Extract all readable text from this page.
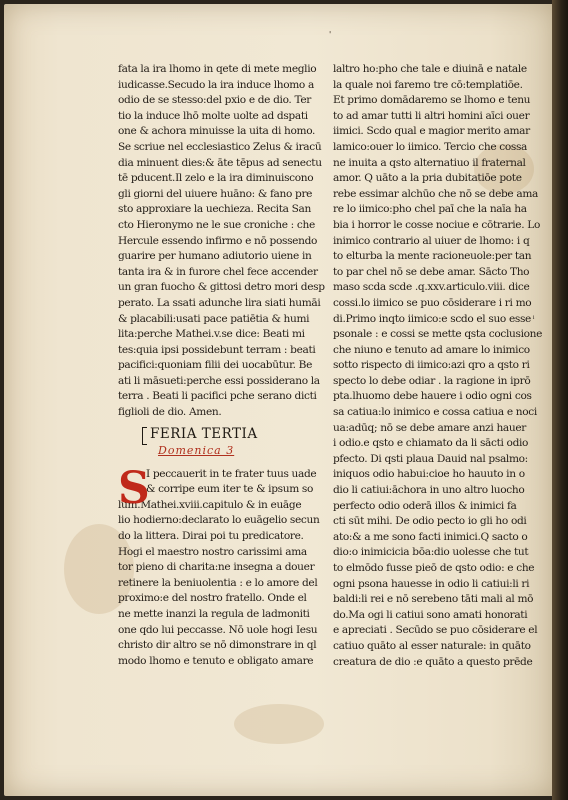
'
fata la ira lhomo in qete di mete meglio
iudicasse.Secudo la ira induce lhomo a
odio de se stesso:del pxio e de dio. Ter
tio la induce lhō molte uolte ad dspati
one & achora minuisse la uita di homo.
Se scriue nel ecclesiastico Zelus & iracū
dia minuent dies:& āte tēpus ad senectu
tē pducent.Il zelo e la ira diminuiscono
gli giorni del uiuere huāno: & fano pre
sto approxiare la uechieza. Recita San
cto Hieronymo ne le sue croniche : che
Hercule essendo infirmo e nō possendo
guarire per humano adiutorio uiene in
tanta ira & in furore chel fece accender
un gran fuocho & gittosi detro mori desp
perato. La ssati adunche lira siati humāi
& placabili:usati pace patiētia & humi
lita:perche Mathei.v.se dice: Beati mi
tes:quia ipsi possidebunt terram : beati
pacifici:quoniam filii dei uocabūtur. Be
ati li māsueti:perche essi possiderano la
terra . Beati li pacifici pche serano dicti
figlioli de dio. Amen.
FERIA TERTIA
Domenica 3
S
I peccauerit in te frater tuus uade
& corripe eum iter te & ipsum so
lum.Mathei.xviii.capitulo & in euāge
lio hodierno:declarato lo euāgelio secun
do la littera. Dirai poi tu predicatore.
Hogi el maestro nostro carissimi ama
tor pieno di charita:ne insegna a douer
retinere la beniuolentia : e lo amore del
proximo:e del nostro fratello. Onde el
ne mette inanzi la regula de ladmoniti
one qdo lui peccasse. Nō uole hogi Iesu
christo dir altro se nō dimonstrare in ql
modo lhomo e tenuto e obligato amare
laltro ho:pho che tale e diuinā e natale
la quale noi faremo tre cō:templatiōe.
Et primo domādaremo se lhomo e tenu
to ad amar tutti li altri homini aīci ouer
iimici. Scdo qual e magior merito amar
lamico:ouer lo iimico. Tercio che cossa
ne inuita a qsto alternatiuo il fraternal
amor. Q uāto a la pria dubitatiōe pote
rebe essimar alchūo che nō se debe ama
re lo iimico:pho chel paī che la naīa ha
bia i horror le cosse nociue e cōtrarie. Lo
inimico contrario al uiuer de lhomo: i q
to elturba la mente racioneuole:per tan
to par chel nō se debe amar. Sācto Tho
maso scda scde .q.xxv.articulo.viii. dice
cossi.lo iimico se puo cōsiderare i ri mo
di.Primo inqto iimico:e scdo el suo esse ͥ
psonale : e cossi se mette qsta coclusione
che niuno e tenuto ad amare lo inimico
sotto rispecto di iimico:azi qro a qsto ri
specto lo debe odiar . la ragione in iprō
pta.lhuomo debe hauere i odio ogni cos
sa catiua:lo inimico e cossa catiua e noci
ua:adūq; nō se debe amare anzi hauer
i odio.e qsto e chiamato da li sācti odio
pfecto. Di qsti plaua Dauid nal psalmo:
iniquos odio habui:cioe ho hauuto in o
dio li catiui:āchora in uno altro luocho
perfecto odio oderā illos & inimici fa
cti sūt mihi. De odio pecto io gli ho odi
ato:& a me sono facti inimici.Q sacto o
dio:o inimicicia bōa:dio uolesse che tut
to elmōdo fusse pieō de qsto odio: e che
ogni psona hauesse in odio li catiui:li ri
baldi:li rei e nō serebeno tāti mali al mō
do.Ma ogi li catiui sono amati honorati
e apreciati . Secūdo se puo cōsiderare el
catiuo quāto al esser naturale: in quāto
creatura de dio :e quāto a questo prēde
